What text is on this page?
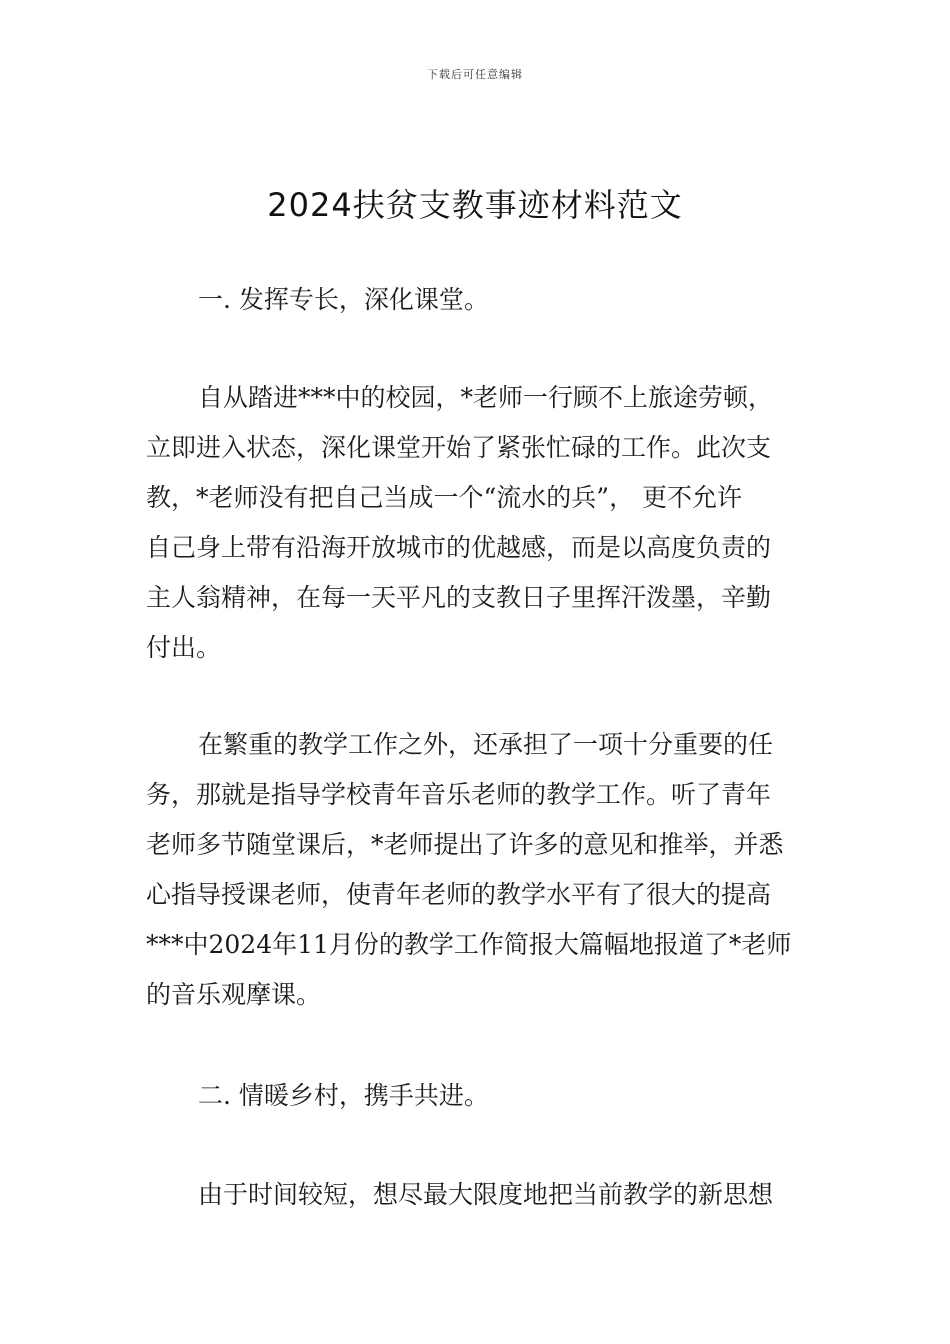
下载后可任意编辑
2024扶贫支教事迹材料范文
一. 发挥专长，深化课堂。
自从踏进***中的校园，*老师一行顾不上旅途劳顿，
立即进入状态，深化课堂开始了紧张忙碌的工作。此次支
教，*老师没有把自己当成一个“流水的兵”， 更不允许
自己身上带有沿海开放城市的优越感，而是以高度负责的
主人翁精神，在每一天平凡的支教日子里挥汗泼墨，辛勤
付出。
在繁重的教学工作之外，还承担了一项十分重要的任
务，那就是指导学校青年音乐老师的教学工作。听了青年
老师多节随堂课后，*老师提出了许多的意见和推举，并悉
心指导授课老师，使青年老师的教学水平有了很大的提高
***中2024年11月份的教学工作简报大篇幅地报道了*老师
的音乐观摩课。
二. 情暖乡村，携手共进。
由于时间较短，想尽最大限度地把当前教学的新思想
